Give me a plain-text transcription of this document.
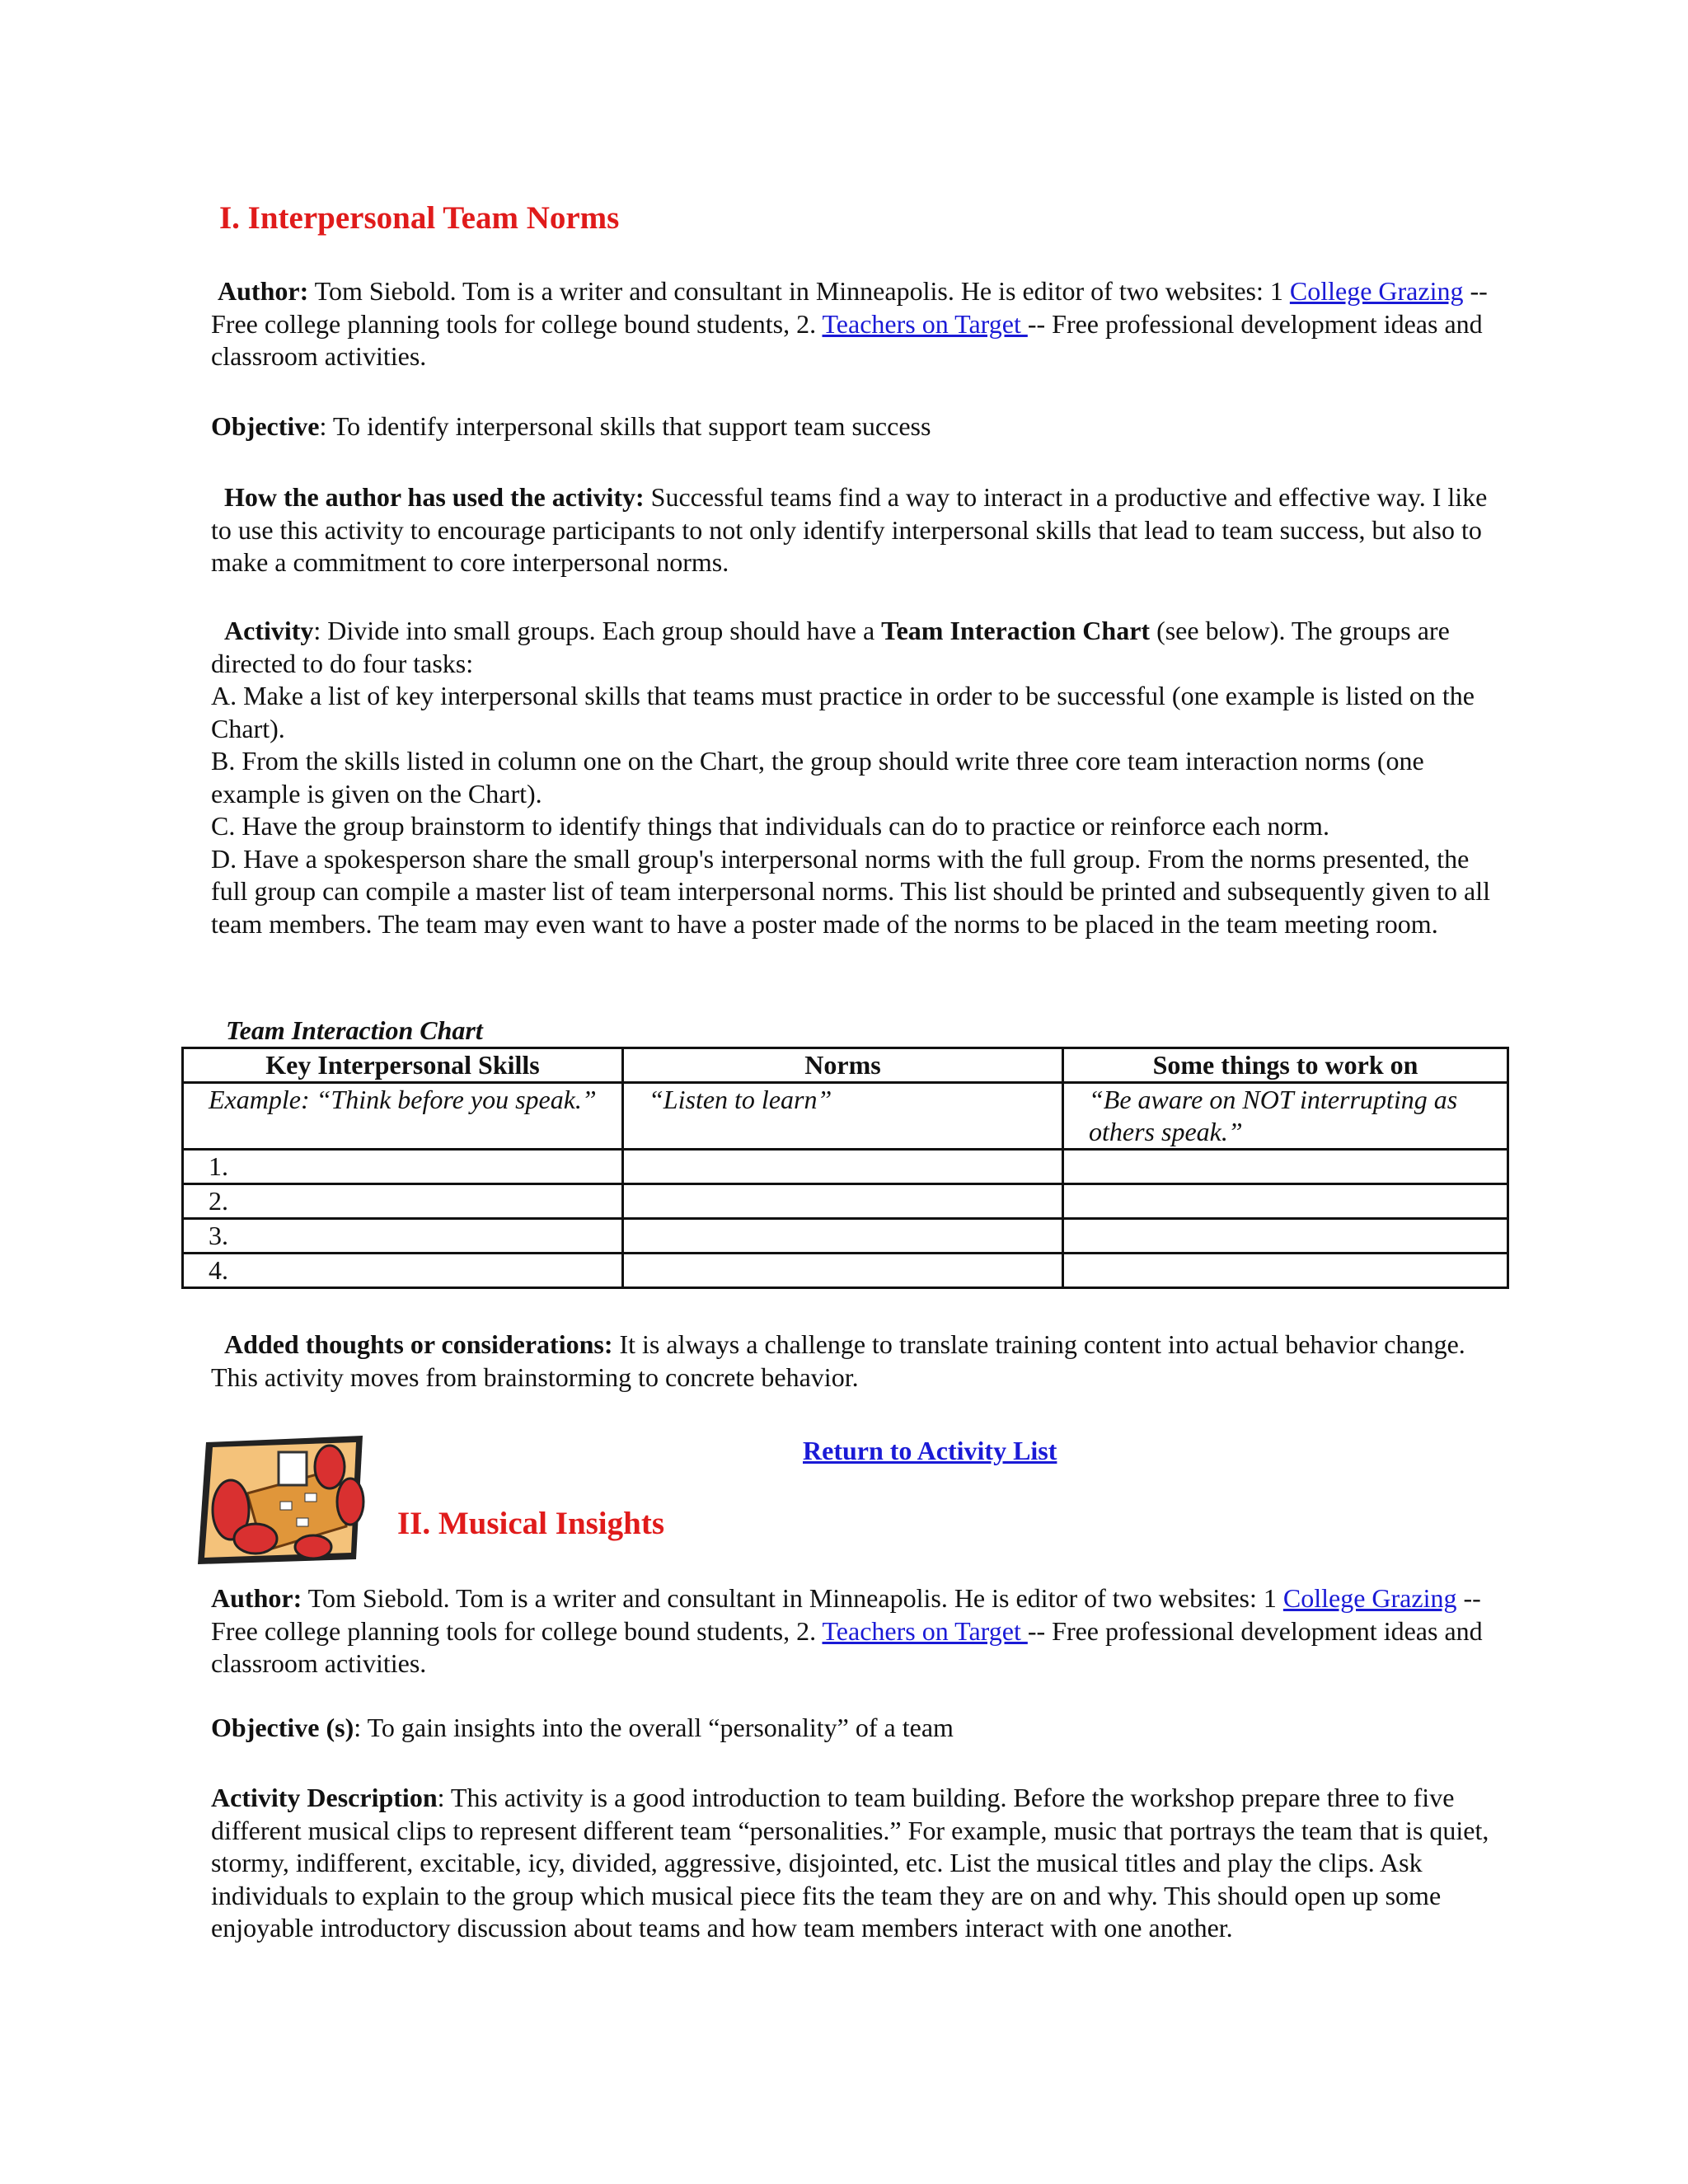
I. Interpersonal Team Norms
Author: Tom Siebold. Tom is a writer and consultant in Minneapolis. He is editor of two websites: 1 College Grazing -- Free college planning tools for college bound students, 2. Teachers on Target -- Free professional development ideas and classroom activities.
Objective: To identify interpersonal skills that support team success
How the author has used the activity: Successful teams find a way to interact in a productive and effective way. I like to use this activity to encourage participants to not only identify interpersonal skills that lead to team success, but also to make a commitment to core interpersonal norms.
Activity: Divide into small groups. Each group should have a Team Interaction Chart (see below). The groups are directed to do four tasks:
A. Make a list of key interpersonal skills that teams must practice in order to be successful (one example is listed on the Chart).
B. From the skills listed in column one on the Chart, the group should write three core team interaction norms (one example is given on the Chart).
C. Have the group brainstorm to identify things that individuals can do to practice or reinforce each norm.
D. Have a spokesperson share the small group's interpersonal norms with the full group. From the norms presented, the full group can compile a master list of team interpersonal norms. This list should be printed and subsequently given to all team members. The team may even want to have a poster made of the norms to be placed in the team meeting room.
Team Interaction Chart
Key Interpersonal Skills	Norms	Some things to work on
Example: “Think before you speak.”	“Listen to learn”	“Be aware on NOT interrupting as others speak.”
1.		
2.		
3.		
4.		
Added thoughts or considerations: It is always a challenge to translate training content into actual behavior change. This activity moves from brainstorming to concrete behavior.
Return to Activity List
II. Musical Insights
Author: Tom Siebold. Tom is a writer and consultant in Minneapolis. He is editor of two websites: 1 College Grazing -- Free college planning tools for college bound students, 2. Teachers on Target -- Free professional development ideas and classroom activities.
Objective (s): To gain insights into the overall “personality” of a team
Activity Description: This activity is a good introduction to team building. Before the workshop prepare three to five different musical clips to represent different team “personalities.” For example, music that portrays the team that is quiet, stormy, indifferent, excitable, icy, divided, aggressive, disjointed, etc. List the musical titles and play the clips. Ask individuals to explain to the group which musical piece fits the team they are on and why. This should open up some enjoyable introductory discussion about teams and how team members interact with one another.
